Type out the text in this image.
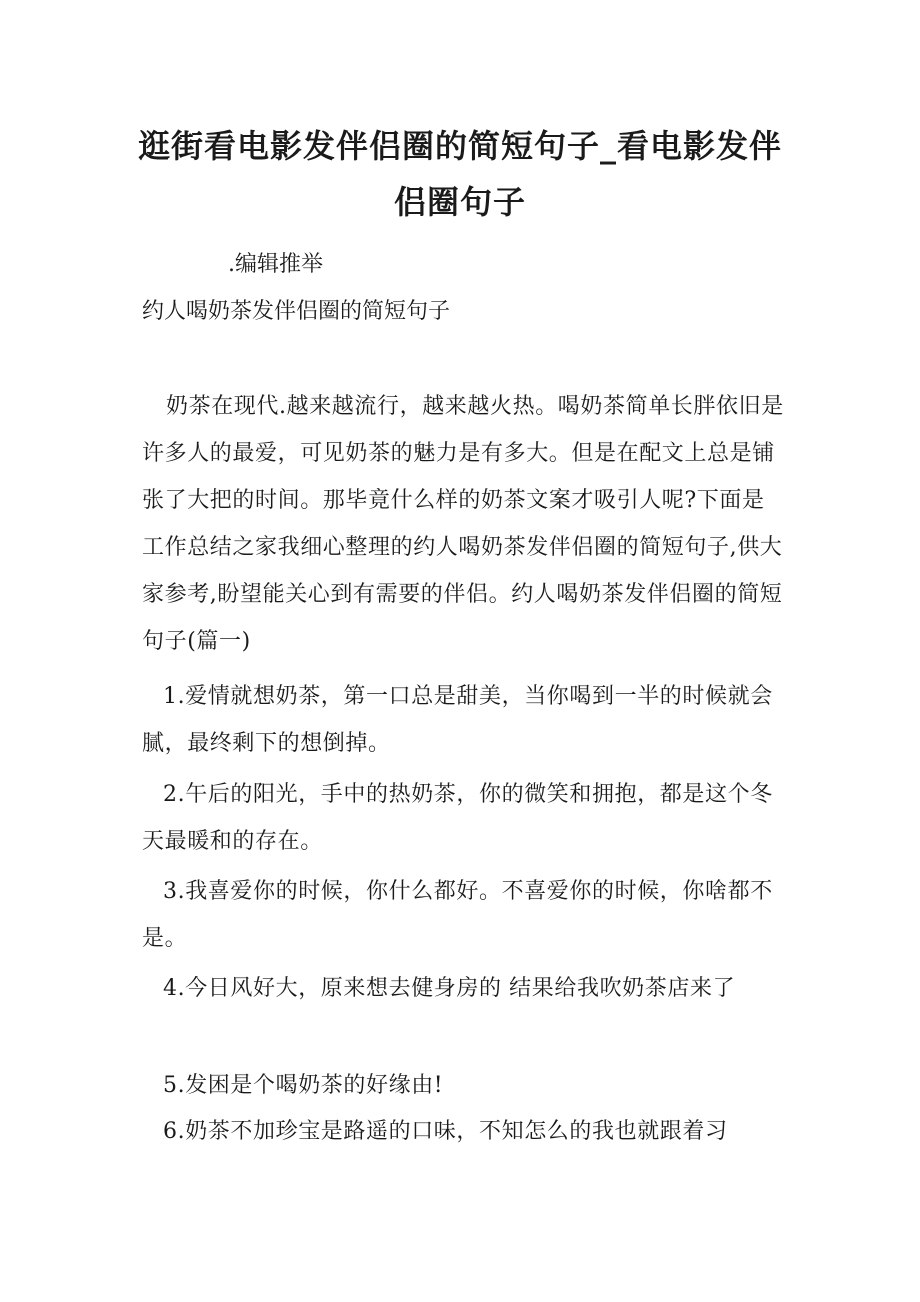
逛街看电影发伴侣圈的简短句子_看电影发伴侣圈句子

.编辑推举

约人喝奶茶发伴侣圈的简短句子

奶茶在现代.越来越流行，越来越火热。喝奶茶简单长胖依旧是许多人的最爱，可见奶茶的魅力是有多大。但是在配文上总是铺张了大把的时间。那毕竟什么样的奶茶文案才吸引人呢?下面是工作总结之家我细心整理的约人喝奶茶发伴侣圈的简短句子,供大家参考,盼望能关心到有需要的伴侣。约人喝奶茶发伴侣圈的简短句子(篇一)

1.爱情就想奶茶，第一口总是甜美，当你喝到一半的时候就会腻，最终剩下的想倒掉。

2.午后的阳光，手中的热奶茶，你的微笑和拥抱，都是这个冬天最暖和的存在。

3.我喜爱你的时候，你什么都好。不喜爱你的时候，你啥都不是。

4.今日风好大，原来想去健身房的 结果给我吹奶茶店来了

5.发困是个喝奶茶的好缘由!

6.奶茶不加珍宝是路遥的口味，不知怎么的我也就跟着习
